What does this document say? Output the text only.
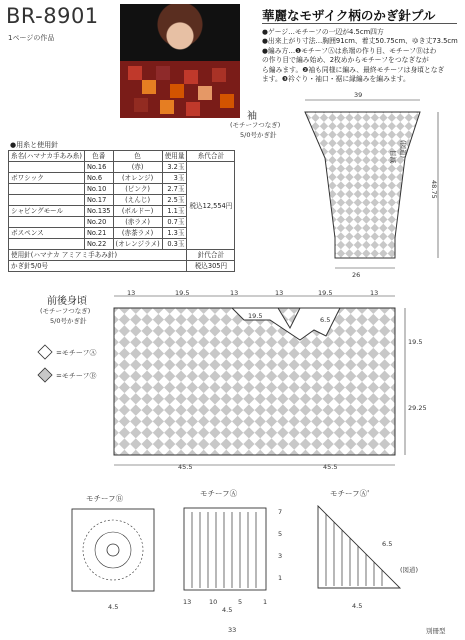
BR-8901
1ページの作品
華麗なモザイク柄のかぎ針プル
●ゲージ…モチーフの一辺が4.5cm四方
●出来上がり寸法…胸囲91cm、着丈50.75cm、ゆき丈73.5cm
●編み方…❶モチーフⒶは糸端の作り目、モチーフⒷはわ
の作り目で編み始め、2枚めからモチーフをつなぎなが
ら編みます。❷袖も同様に編み、最終モチーフは身頃となぎ
ます。❸衿ぐり・袖口・裾に縁編みを編みます。
●用糸と使用針
糸名(ハマナカ手あみ糸)	色番	色	使用量	糸代合計
	No.16	(赤)	3.2玉	税込12,554円
ボワシック	No.6	(オレンジ)	3玉	
	No.10	(ピンク)	2.7玉	
	No.17	(えんじ)	2.5玉	
シャビングモール	No.135	(ボルドー)	1.1玉	
	No.20	(赤ラメ)	0.7玉	
ボスペンス	No.21	(赤茶ラメ)	1.3玉	
	No.22	(オレンジラメ)	0.3玉	
使用針(ハマナカ アミアミ手あみ針)				針代合計
かぎ針5/0号				税込305円
袖
(モチーフつなぎ)
5/0号かぎ針
39
26
48.75
(図道)
目減
前後身頃
(モチーフつなぎ)
5/0号かぎ針
13	19.5	13	13	19.5	13
19.5	6.5
19.5
29.25
45.5	45.5
=モチーフⒶ
=モチーフⒷ
モチーフⒷ
4.5
モチーフⒶ
13	10	5	1
7
5
3
1
4.5
モチーフⒶ'
6.5
(図道)
4.5
33	別冊型
